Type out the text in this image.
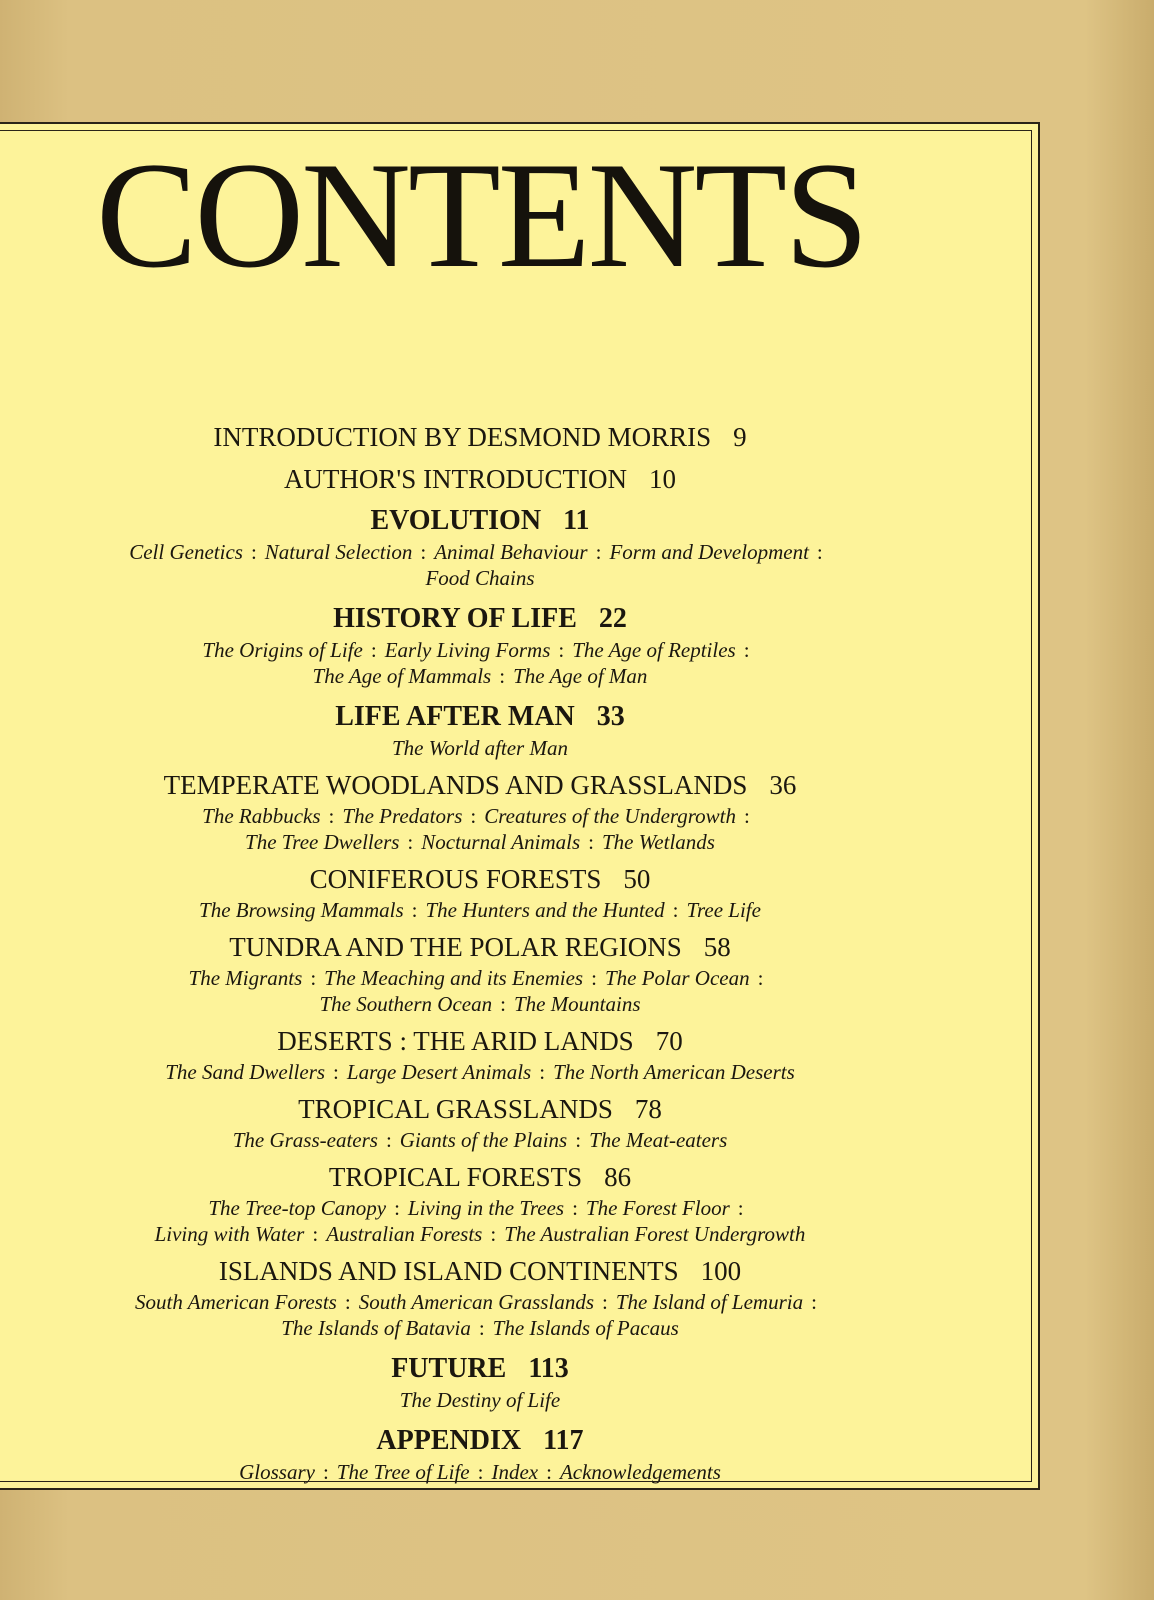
CONTENTS
INTRODUCTION BY DESMOND MORRIS 9
AUTHOR'S INTRODUCTION 10
EVOLUTION 11
Cell Genetics : Natural Selection : Animal Behaviour : Form and Development :
Food Chains
HISTORY OF LIFE 22
The Origins of Life : Early Living Forms : The Age of Reptiles :
The Age of Mammals : The Age of Man
LIFE AFTER MAN 33
The World after Man
TEMPERATE WOODLANDS AND GRASSLANDS 36
The Rabbucks : The Predators : Creatures of the Undergrowth :
The Tree Dwellers : Nocturnal Animals : The Wetlands
CONIFEROUS FORESTS 50
The Browsing Mammals : The Hunters and the Hunted : Tree Life
TUNDRA AND THE POLAR REGIONS 58
The Migrants : The Meaching and its Enemies : The Polar Ocean :
The Southern Ocean : The Mountains
DESERTS : THE ARID LANDS 70
The Sand Dwellers : Large Desert Animals : The North American Deserts
TROPICAL GRASSLANDS 78
The Grass-eaters : Giants of the Plains : The Meat-eaters
TROPICAL FORESTS 86
The Tree-top Canopy : Living in the Trees : The Forest Floor :
Living with Water : Australian Forests : The Australian Forest Undergrowth
ISLANDS AND ISLAND CONTINENTS 100
South American Forests : South American Grasslands : The Island of Lemuria :
The Islands of Batavia : The Islands of Pacaus
FUTURE 113
The Destiny of Life
APPENDIX 117
Glossary : The Tree of Life : Index : Acknowledgements
